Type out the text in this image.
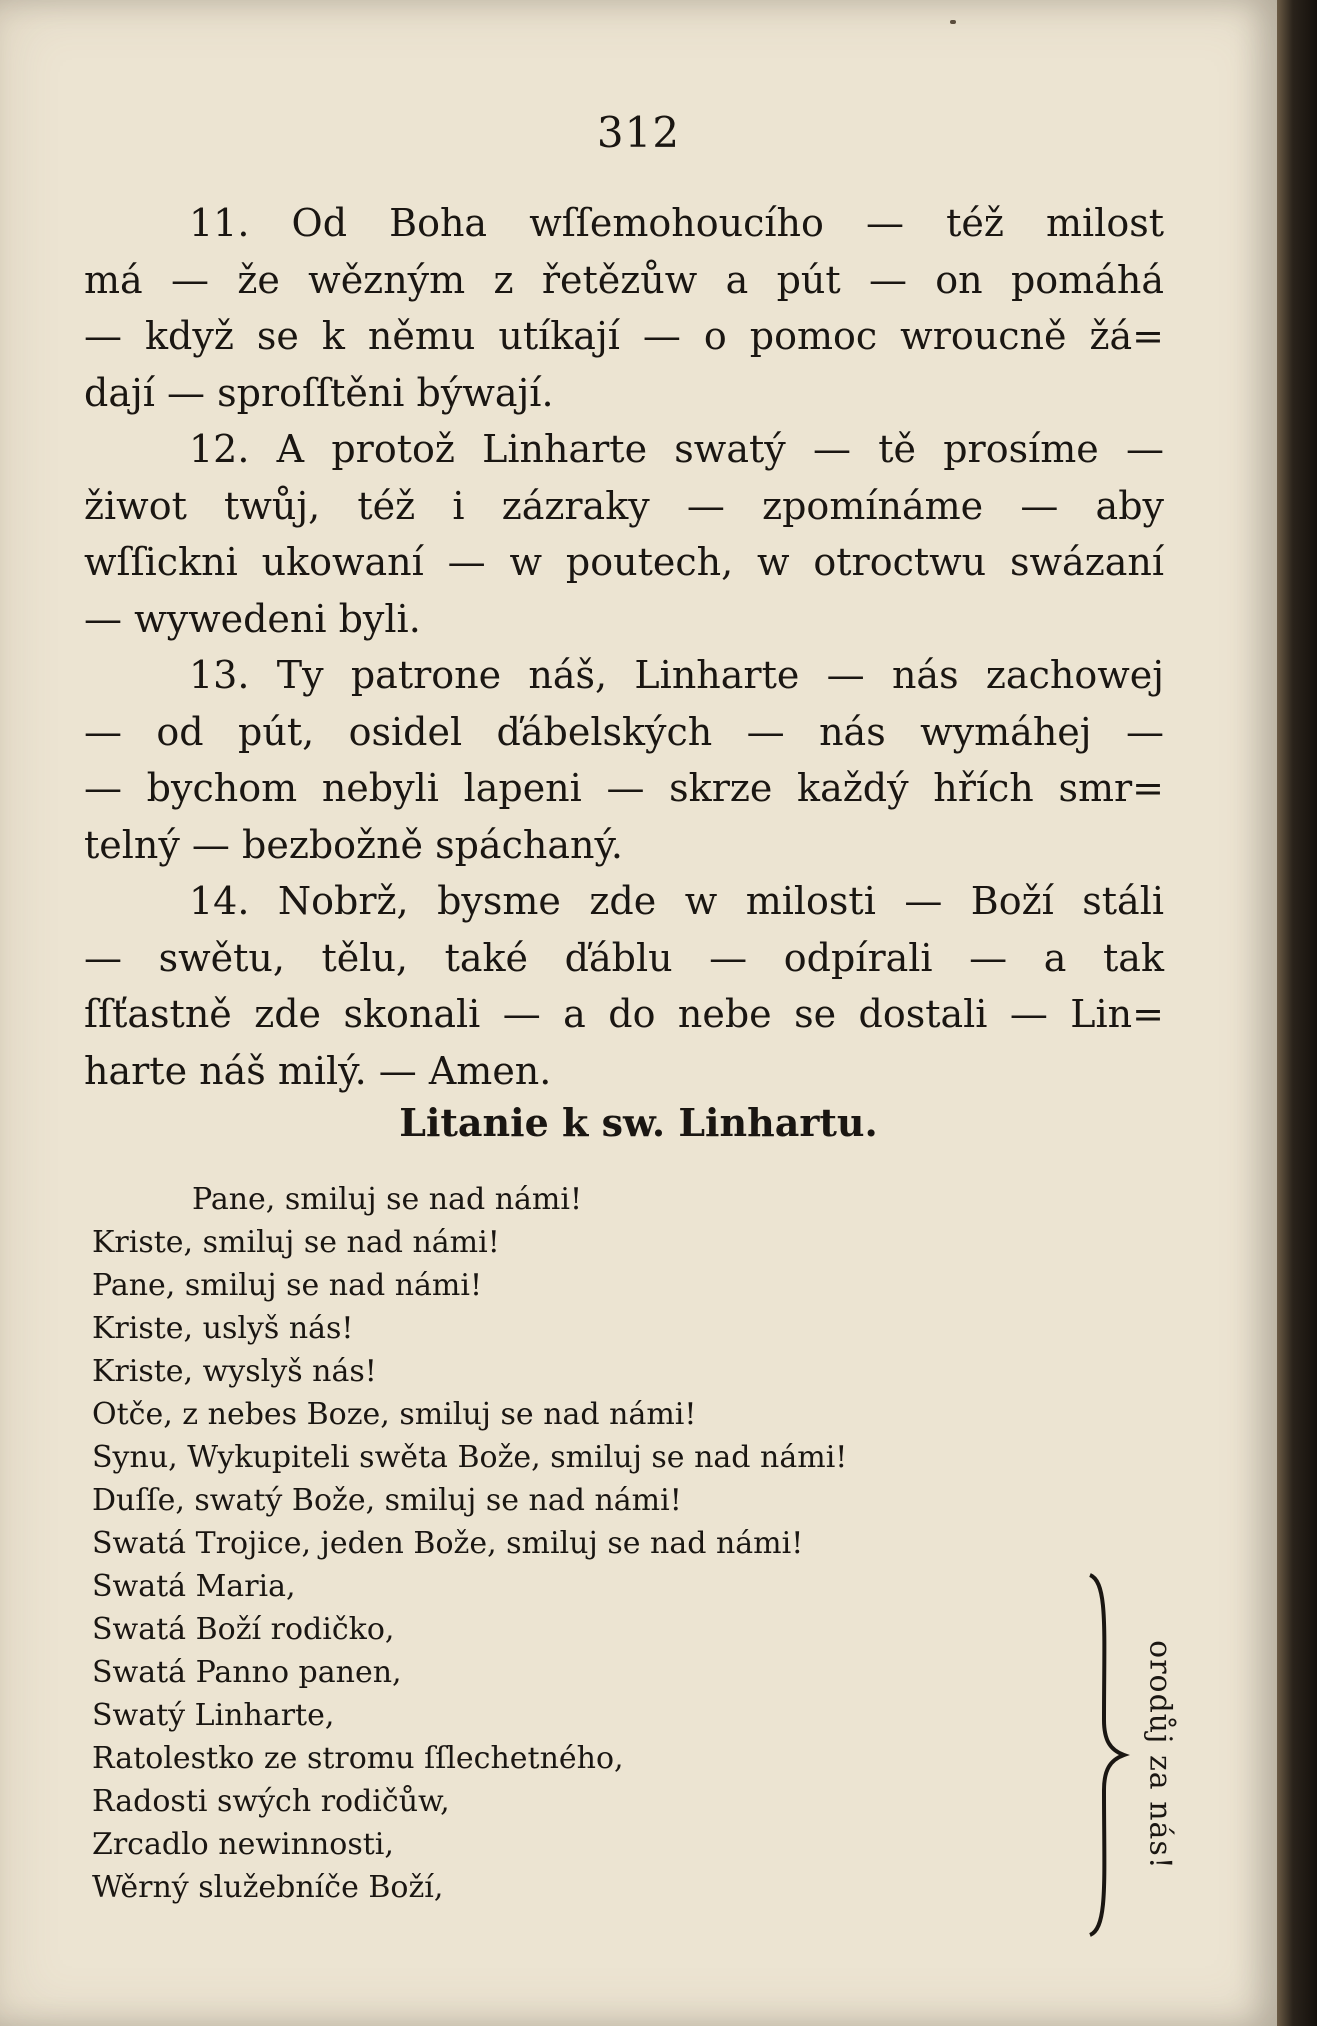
312
11. Od Boha wſſemohoucího — též milost
má — že wězným z řetězůw a pút — on pomáhá
— když se k němu utíkají — o pomoc wroucně žá=
dají — sproſſtěni býwají.
12. A protož Linharte swatý — tě prosíme —
žiwot twůj, též i zázraky — zpomínáme — aby
wſſickni ukowaní — w poutech, w otroctwu swázaní
— wywedeni byli.
13. Ty patrone náš, Linharte — nás zachowej
— od pút, osidel ďábelských — nás wymáhej —
— bychom nebyli lapeni — skrze každý hřích smr=
telný — bezbožně spáchaný.
14. Nobrž, bysme zde w milosti — Boží stáli
— swětu, tělu, také ďáblu — odpírali — a tak
ſſťastně zde skonali — a do nebe se dostali — Lin=
harte náš milý. — Amen.
Litanie k sw. Linhartu.
Pane, smiluj se nad námi!
Kriste, smiluj se nad námi!
Pane, smiluj se nad námi!
Kriste, uslyš nás!
Kriste, wyslyš nás!
Otče, z nebes Boze, smiluj se nad námi!
Synu, Wykupiteli swěta Bože, smiluj se nad námi!
Duſſe, swatý Bože, smiluj se nad námi!
Swatá Trojice, jeden Bože, smiluj se nad námi!
Swatá Maria,
Swatá Boží rodičko,
Swatá Panno panen,
Swatý Linharte,
Ratolestko ze stromu ſſlechetného,
Radosti swých rodičůw,
Zrcadlo newinnosti,
Wěrný služebníče Boží,
orodůj za nás!
